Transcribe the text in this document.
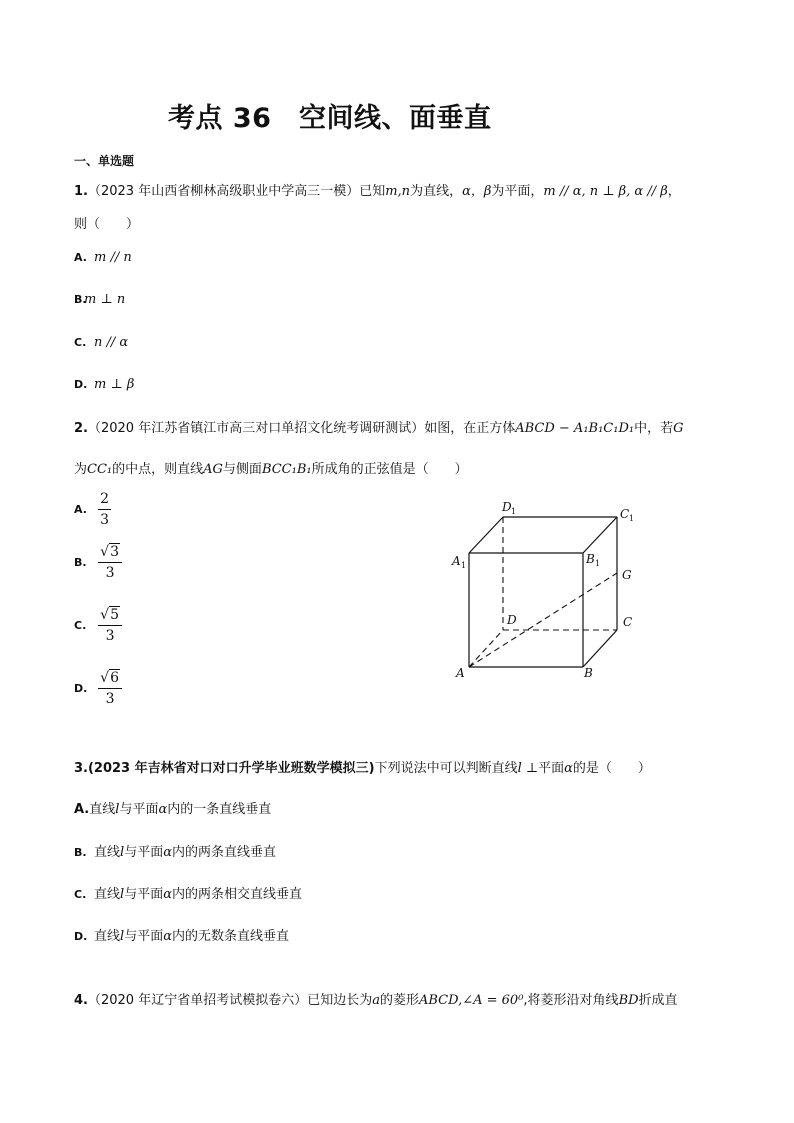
考点 36　空间线、面垂直
一、单选题
1.（2023 年山西省柳林高级职业中学高三一模）已知m,n为直线，α，β为平面，m // α, n ⊥ β, α // β，
则（　　）
A. m // n
B.m ⊥ n
C. n // α
D. m ⊥ β
2.（2020 年江苏省镇江市高三对口单招文化统考调研测试）如图，在正方体ABCD − A₁B₁C₁D₁中，若G
为CC₁的中点，则直线AG与侧面BCC₁B₁所成角的正弦值是（　　）
A. $\frac{2}{3}$
B. $\frac{√3}{3}$
C. $\frac{√5}{3}$
D. $\frac{√6}{3}$	A	B
C
D
A 1	B 1
C 1
D 1
G
3.(2023 年吉林省对口对口升学毕业班数学模拟三)下列说法中可以判断直线l ⊥平面α的是（　　）
A.直线l与平面α内的一条直线垂直
B. 直线l与平面α内的两条直线垂直
C. 直线l与平面α内的两条相交直线垂直
D. 直线l与平面α内的无数条直线垂直
4.（2020 年辽宁省单招考试模拟卷六）已知边长为a的菱形ABCD,∠A = 60⁰,将菱形沿对角线BD折成直
